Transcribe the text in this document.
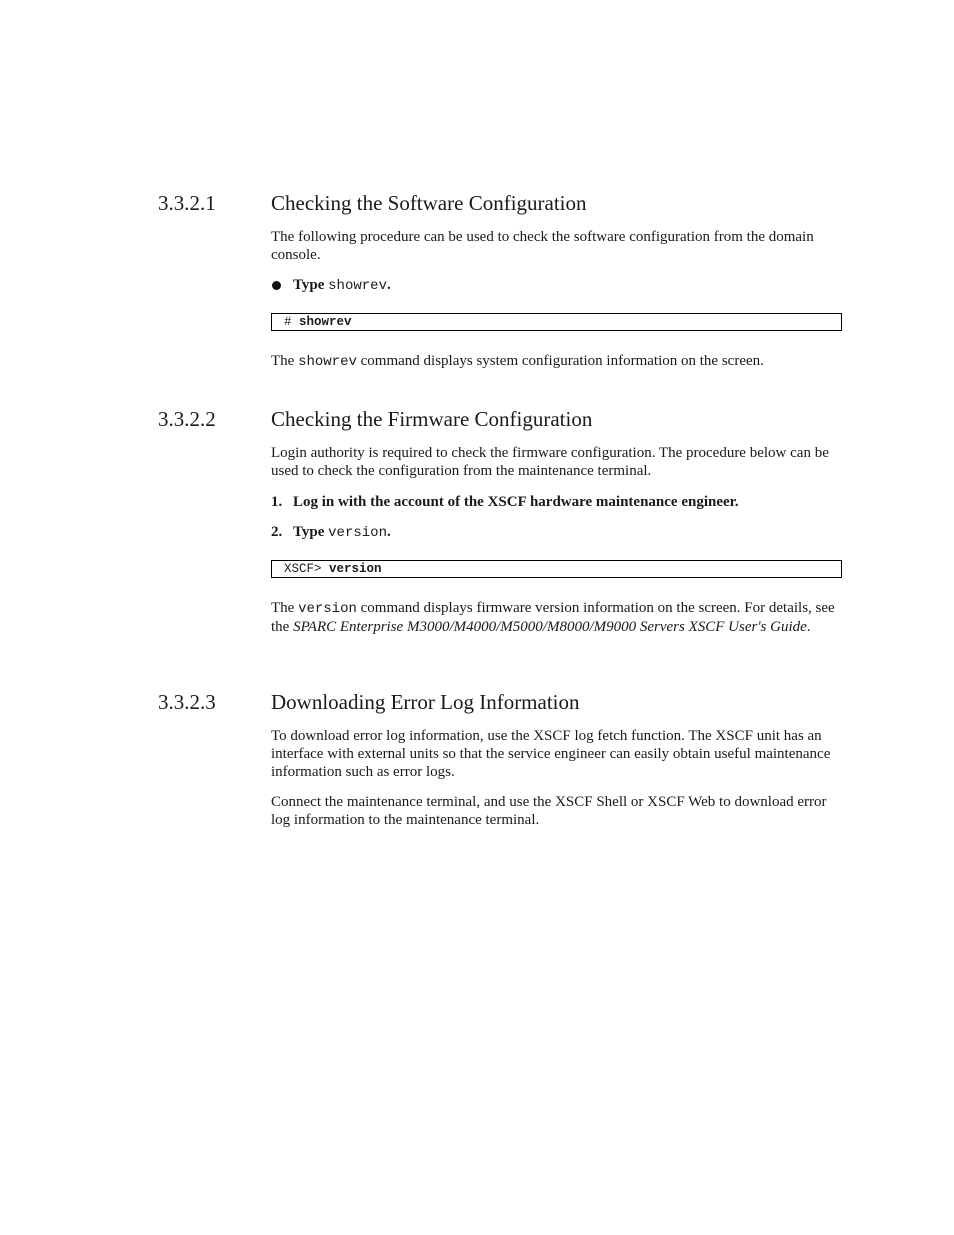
3.3.2.1	Checking the Software Configuration

The following procedure can be used to check the software configuration from the domain console.

Type showrev.
# showrev

The showrev command displays system configuration information on the screen.

3.3.2.2	Checking the Firmware Configuration

Login authority is required to check the firmware configuration. The procedure below can be used to check the configuration from the maintenance terminal.

1. Log in with the account of the XSCF hardware maintenance engineer.
2. Type version.
XSCF> version

The version command displays firmware version information on the screen. For details, see the SPARC Enterprise M3000/M4000/M5000/M8000/M9000 Servers XSCF User's Guide.

3.3.2.3	Downloading Error Log Information

To download error log information, use the XSCF log fetch function. The XSCF unit has an interface with external units so that the service engineer can easily obtain useful maintenance information such as error logs.

Connect the maintenance terminal, and use the XSCF Shell or XSCF Web to download error log information to the maintenance terminal.
